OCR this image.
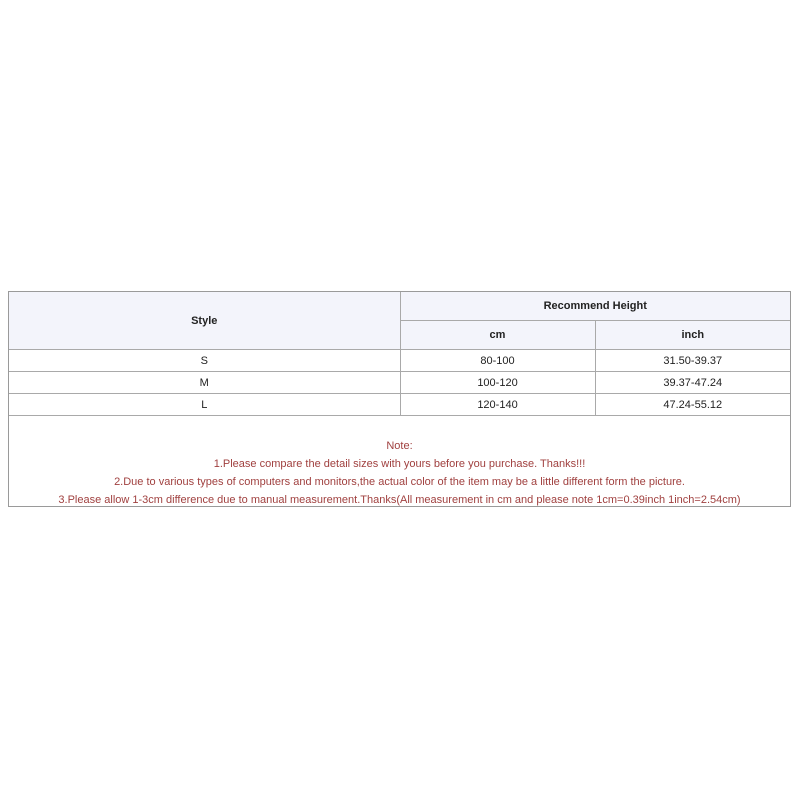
Style	Recommend Height	
	cm	inch
S	80-100	31.50-39.37
M	100-120	39.37-47.24
L	120-140	47.24-55.12
Note:
1.Please compare the detail sizes with yours before you purchase. Thanks!!!
2.Due to various types of computers and monitors,the actual color of the item may be a little different form the picture.
3.Please allow 1-3cm difference due to manual measurement.Thanks(All measurement in cm and please note 1cm=0.39inch 1inch=2.54cm)
